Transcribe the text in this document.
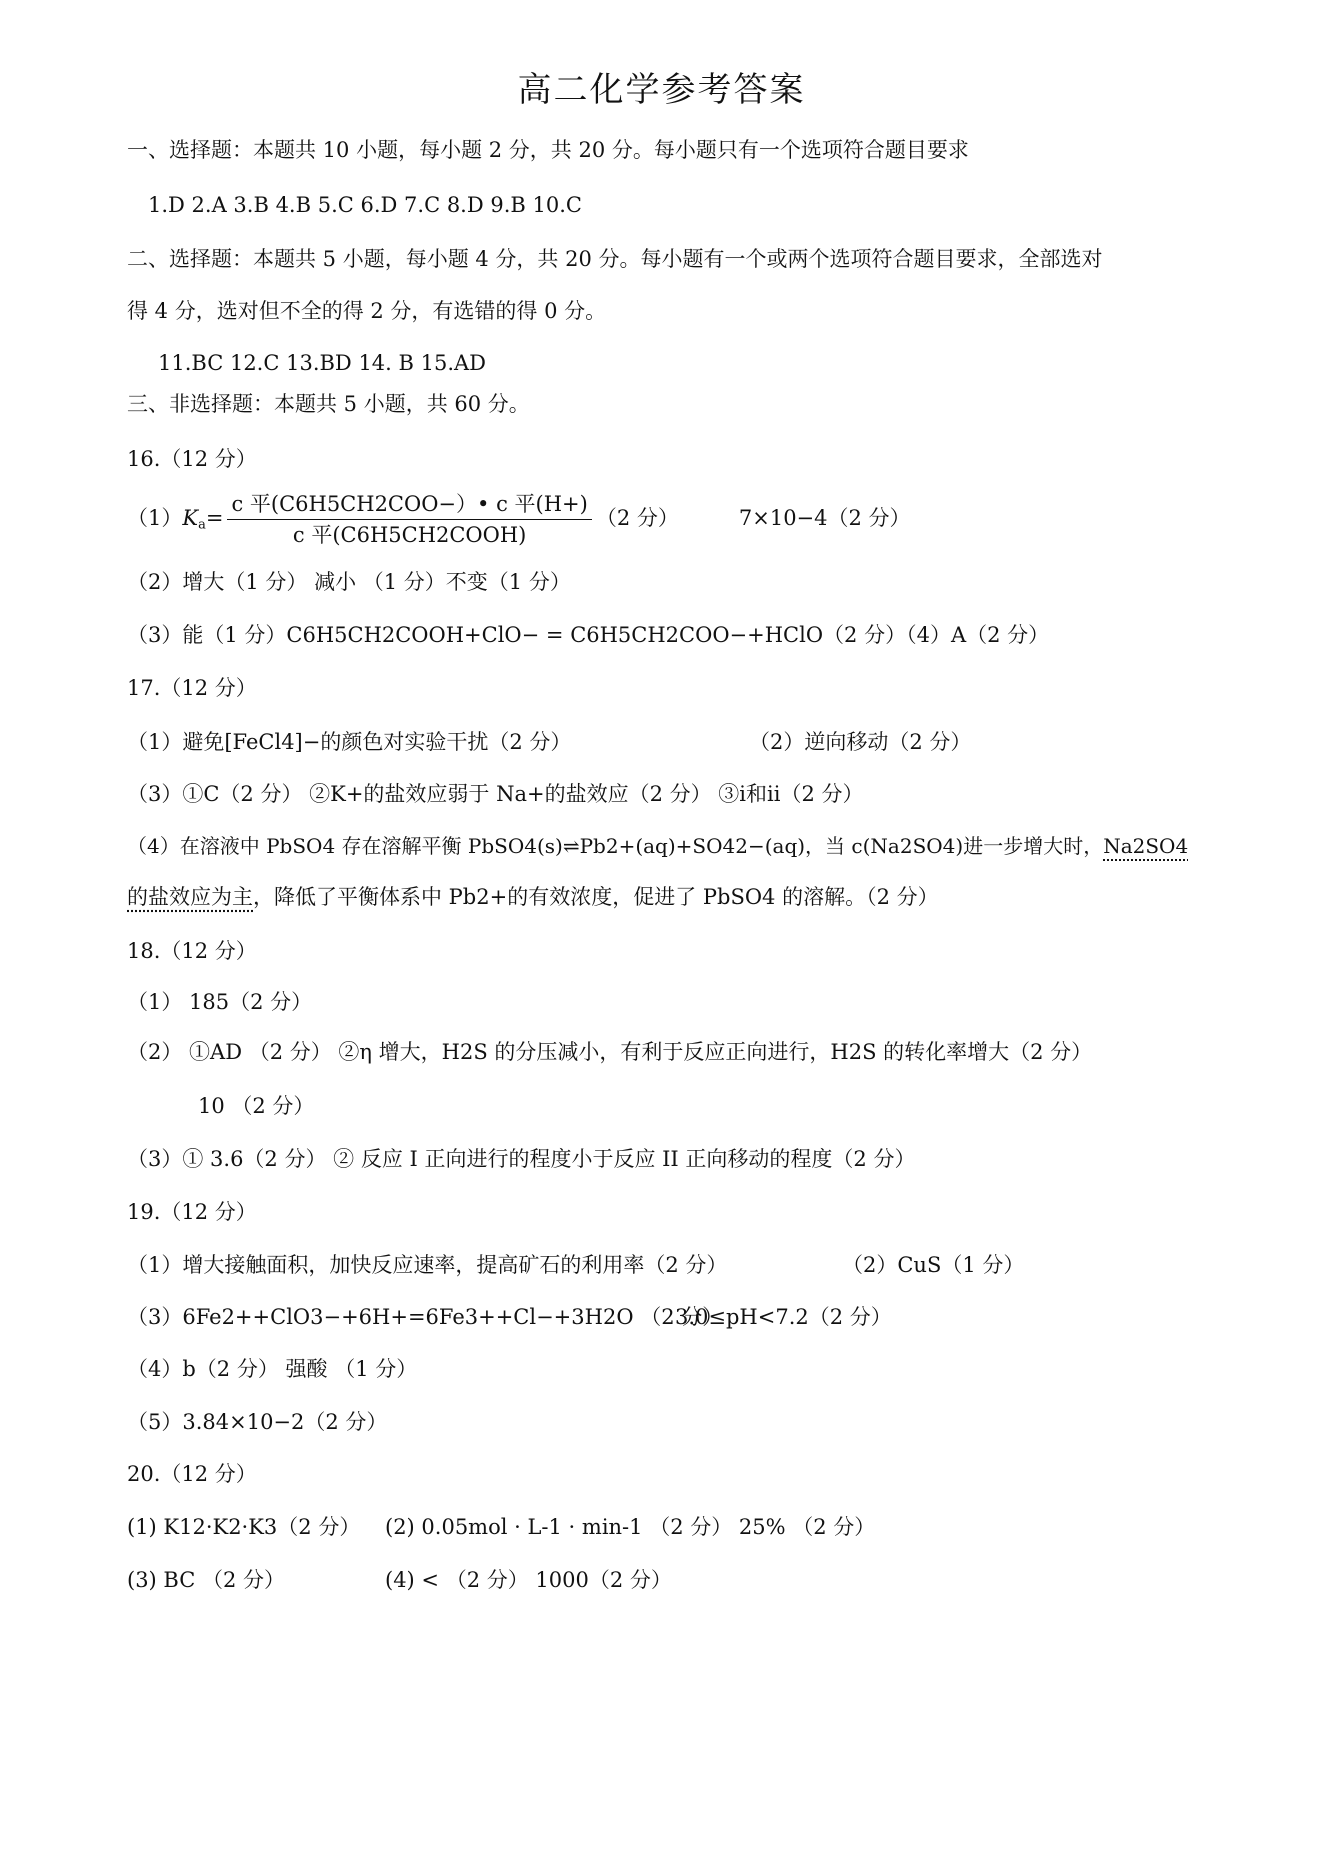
高二化学参考答案
一、选择题：本题共 10 小题，每小题 2 分，共 20 分。每小题只有一个选项符合题目要求
1.D 2.A 3.B 4.B 5.C 6.D 7.C 8.D 9.B 10.C
二、选择题：本题共 5 小题，每小题 4 分，共 20 分。每小题有一个或两个选项符合题目要求，全部选对
得 4 分，选对但不全的得 2 分，有选错的得 0 分。
11.BC 12.C 13.BD 14. B 15.AD
三、非选择题：本题共 5 小题，共 60 分。
16.（12 分）
$(1)K_a= \frac{\text{c 平(C6H5CH2COO−）• c 平(H+)}}{\text{c 平(C6H5CH2COOH)}} (2$ 分）	7×10−4（2 分）
（2）增大（1 分） 减小 （1 分）不变（1 分）
（3）能（1 分）C6H5CH2COOH+ClO− = C6H5CH2COO−+HClO（2 分）（4）A（2 分）
17.（12 分）
（1）避免[FeCl4]−的颜色对实验干扰（2 分）	（2）逆向移动（2 分）
（3）①C（2 分） ②K+的盐效应弱于 Na+的盐效应（2 分） ③i和ii（2 分）
（4）在溶液中 PbSO4 存在溶解平衡 PbSO4(s)⇌Pb2+(aq)+SO42−(aq)，当 c(Na2SO4)进一步增大时，Na2SO4
的盐效应为主，降低了平衡体系中 Pb2+的有效浓度，促进了 PbSO4 的溶解。（2 分）
18.（12 分）
（1） 185（2 分）
（2） ①AD （2 分） ②η 增大，H2S 的分压减小，有利于反应正向进行，H2S 的转化率增大（2 分）
10 （2 分）
（3）① 3.6（2 分） ② 反应 I 正向进行的程度小于反应 II 正向移动的程度（2 分）
19.（12 分）
（1）增大接触面积，加快反应速率，提高矿石的利用率（2 分）	（2）CuS（1 分）
（3）6Fe2++ClO3−+6H+=6Fe3++Cl−+3H2O （2 分）
3.0≤pH<7.2（2 分）
（4）b（2 分） 强酸 （1 分）
（5）3.84×10−2（2 分）
20.（12 分）
(1) K12·K2·K3（2 分） (2) 0.05mol · L-1 · min-1 （2 分） 25% （2 分）
(3) BC （2 分）	(4) < （2 分） 1000（2 分）
